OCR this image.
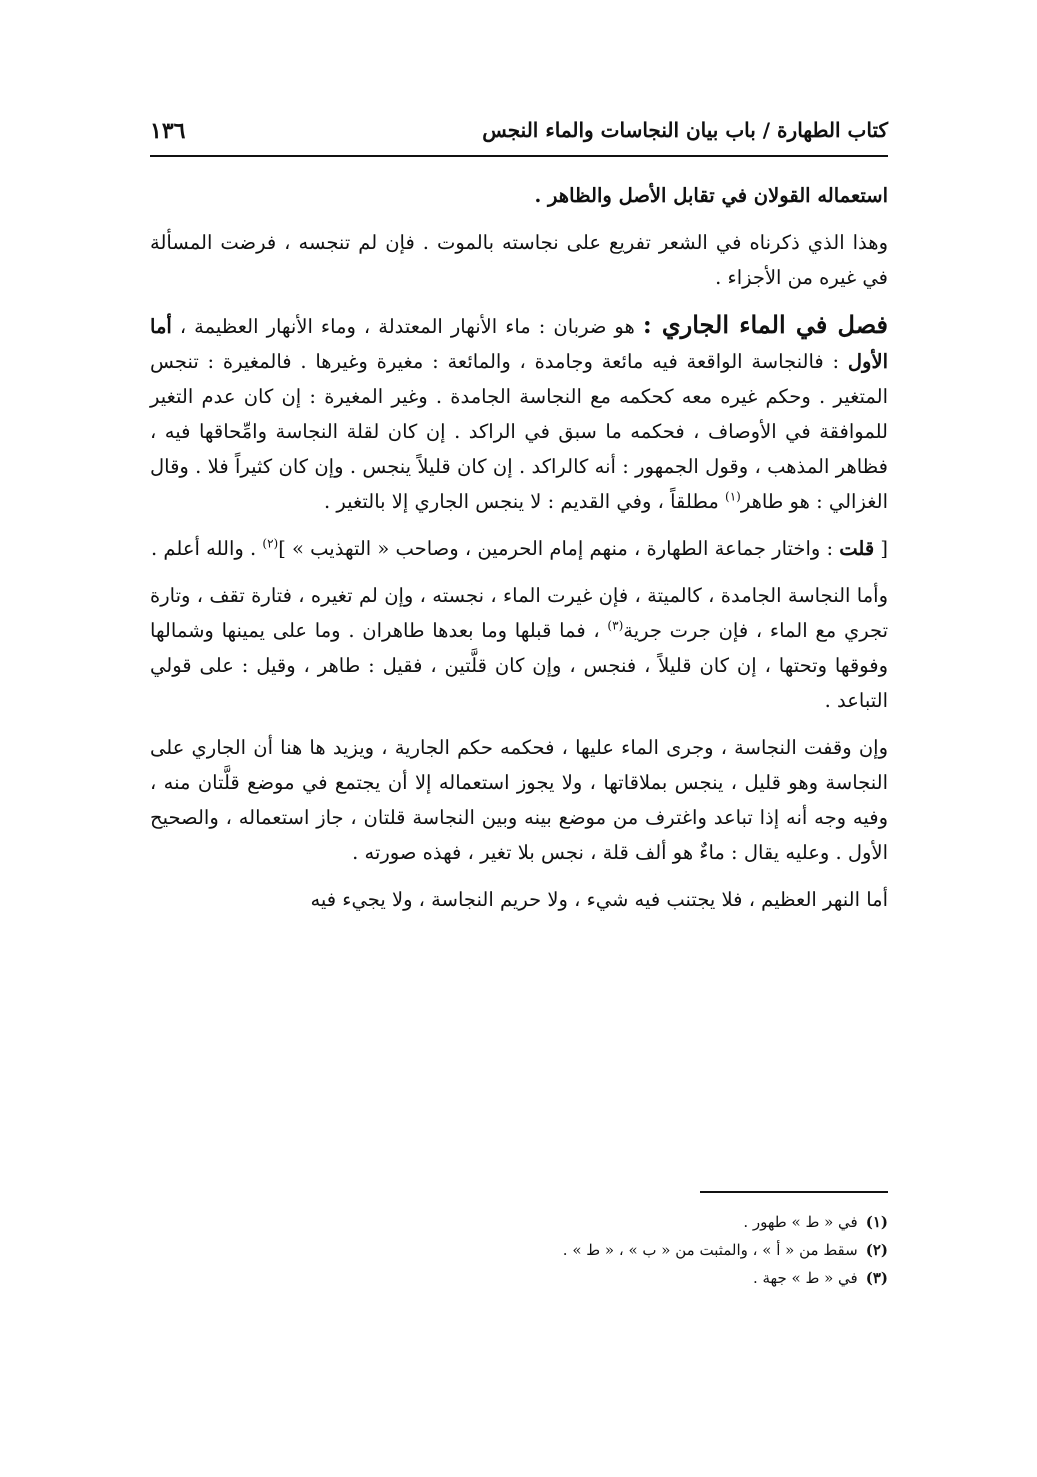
كتاب الطهارة / باب بيان النجاسات والماء النجس
١٣٦

استعماله القولان في تقابل الأصل والظاهر .

وهذا الذي ذكرناه في الشعر تفريع على نجاسته بالموت . فإن لم تنجسه ، فرضت المسألة في غيره من الأجزاء .

فصل في الماء الجاري : هو ضربان : ماء الأنهار المعتدلة ، وماء الأنهار العظيمة ، أما الأول : فالنجاسة الواقعة فيه مائعة وجامدة ، والمائعة : مغيرة وغيرها . فالمغيرة : تنجس المتغير . وحكم غيره معه كحكمه مع النجاسة الجامدة . وغير المغيرة : إن كان عدم التغير للموافقة في الأوصاف ، فحكمه ما سبق في الراكد . إن كان لقلة النجاسة وامِّحاقها فيه ، فظاهر المذهب ، وقول الجمهور : أنه كالراكد . إن كان قليلاً ينجس . وإن كان كثيراً فلا . وقال الغزالي : هو طاهر$^{(١)}$ مطلقاً ، وفي القديم : لا ينجس الجاري إلا بالتغير .

[ قلت : واختار جماعة الطهارة ، منهم إمام الحرمين ، وصاحب « التهذيب » ]$^{(٢)}$ . والله أعلم .

وأما النجاسة الجامدة ، كالميتة ، فإن غيرت الماء ، نجسته ، وإن لم تغيره ، فتارة تقف ، وتارة تجري مع الماء ، فإن جرت جرية$^{(٣)}$ ، فما قبلها وما بعدها طاهران . وما على يمينها وشمالها وفوقها وتحتها ، إن كان قليلاً ، فنجس ، وإن كان قلَّتين ، فقيل : طاهر ، وقيل : على قولي التباعد .

وإن وقفت النجاسة ، وجرى الماء عليها ، فحكمه حكم الجارية ، ويزيد ها هنا أن الجاري على النجاسة وهو قليل ، ينجس بملاقاتها ، ولا يجوز استعماله إلا أن يجتمع في موضع قلَّتان منه ، وفيه وجه أنه إذا تباعد واغترف من موضع بينه وبين النجاسة قلتان ، جاز استعماله ، والصحيح الأول . وعليه يقال : ماءٌ هو ألف قلة ، نجس بلا تغير ، فهذه صورته .

أما النهر العظيم ، فلا يجتنب فيه شيء ، ولا حريم النجاسة ، ولا يجيء فيه

(١)في « ط » طهور .
(٢)سقط من « أ » ، والمثبت من « ب » ، « ط » .
(٣)في « ط » جهة .
